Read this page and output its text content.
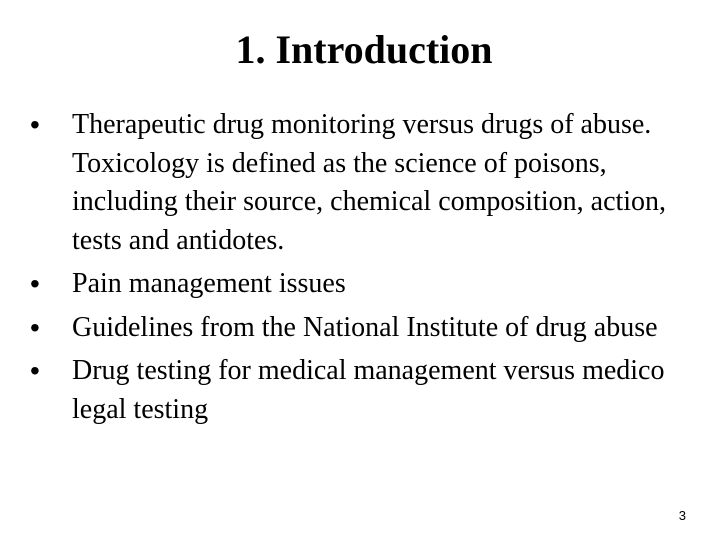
1. Introduction
•	Therapeutic drug monitoring versus drugs of abuse. Toxicology is defined as the science of poisons, including their source, chemical composition, action, tests and antidotes.
•	Pain management issues
•	Guidelines from the National Institute of drug abuse
•	Drug testing for medical management versus medico legal testing
3
